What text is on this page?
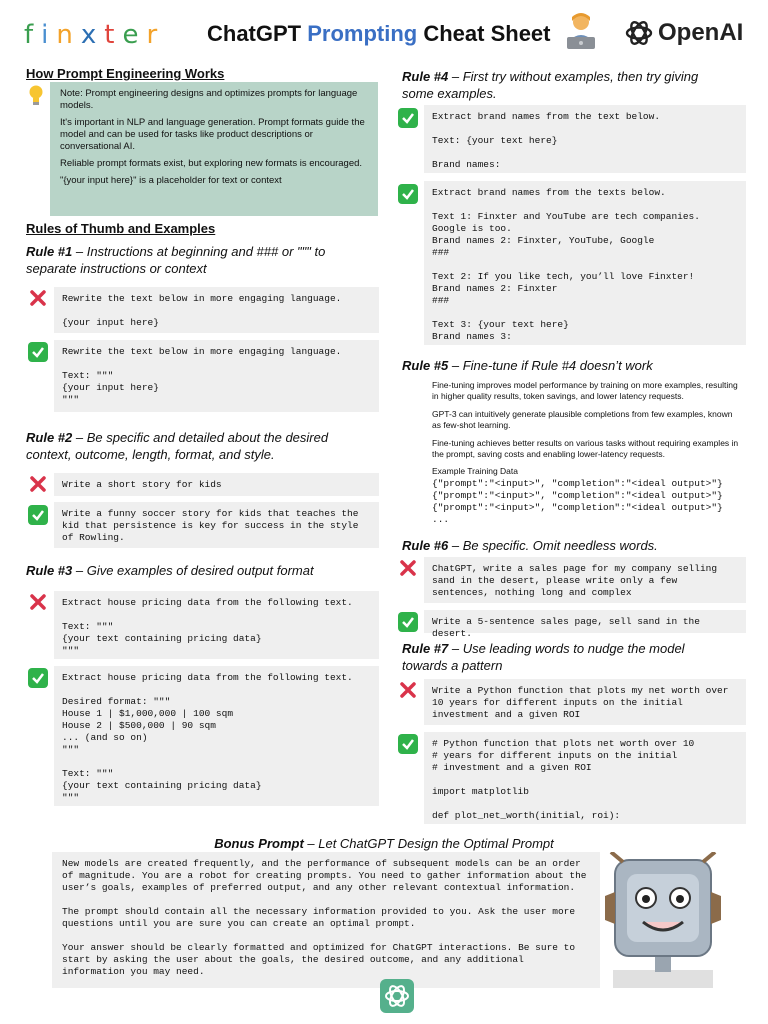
finxter ChatGPT Prompting Cheat Sheet	OpenAI
How Prompt Engineering Works

Note: Prompt engineering designs and optimizes prompts for language models.

It's important in NLP and language generation. Prompt formats guide the model and can be used for tasks like product descriptions or conversational AI.

Reliable prompt formats exist, but exploring new formats is encouraged.

"{your input here}" is a placeholder for text or context

Rules of Thumb and Examples
Rule #1 – Instructions at beginning and ### or """ to separate instructions or context
Rewrite the text below in more engaging language.

{your input here}
Rewrite the text below in more engaging language.

Text: """
{your input here}
"""
Rule #2 – Be specific and detailed about the desired context, outcome, length, format, and style.
Write a short story for kids
Write a funny soccer story for kids that teaches the kid that persistence is key for success in the style of Rowling.
Rule #3 – Give examples of desired output format
Extract house pricing data from the following text.

Text: """
{your text containing pricing data}
"""
Extract house pricing data from the following text.

Desired format: """
House 1 | $1,000,000 | 100 sqm
House 2 | $500,000 | 90 sqm
... (and so on)
"""

Text: """
{your text containing pricing data}
"""
Rule #4 – First try without examples, then try giving some examples.
Extract brand names from the text below.

Text: {your text here}

Brand names:
Extract brand names from the texts below.

Text 1: Finxter and YouTube are tech companies. Google is too.
Brand names 2: Finxter, YouTube, Google
###

Text 2: If you like tech, you’ll love Finxter!
Brand names 2: Finxter
###

Text 3: {your text here}
Brand names 3:
Rule #5 – Fine-tune if Rule #4 doesn’t work
Fine-tuning improves model performance by training on more examples, resulting in higher quality results, token savings, and lower latency requests.
GPT-3 can intuitively generate plausible completions from few examples, known as few-shot learning.
Fine-tuning achieves better results on various tasks without requiring examples in the prompt, saving costs and enabling lower-latency requests.
Example Training Data
{"prompt":"<input>", "completion":"<ideal output>"}
{"prompt":"<input>", "completion":"<ideal output>"}
{"prompt":"<input>", "completion":"<ideal output>"}
...
Rule #6 – Be specific. Omit needless words.
ChatGPT, write a sales page for my company selling sand in the desert, please write only a few sentences, nothing long and complex
Write a 5-sentence sales page, sell sand in the desert.
Rule #7 – Use leading words to nudge the model towards a pattern
Write a Python function that plots my net worth over 10 years for different inputs on the initial investment and a given ROI
# Python function that plots net worth over 10
# years for different inputs on the initial
# investment and a given ROI

import matplotlib

def plot_net_worth(initial, roi):
Bonus Prompt – Let ChatGPT Design the Optimal Prompt
New models are created frequently, and the performance of subsequent models can be an order of magnitude. You are a robot for creating prompts. You need to gather information about the user’s goals, examples of preferred output, and any other relevant contextual information.

The prompt should contain all the necessary information provided to you. Ask the user more questions until you are sure you can create an optimal prompt.

Your answer should be clearly formatted and optimized for ChatGPT interactions. Be sure to start by asking the user about the goals, the desired outcome, and any additional information you may need.
